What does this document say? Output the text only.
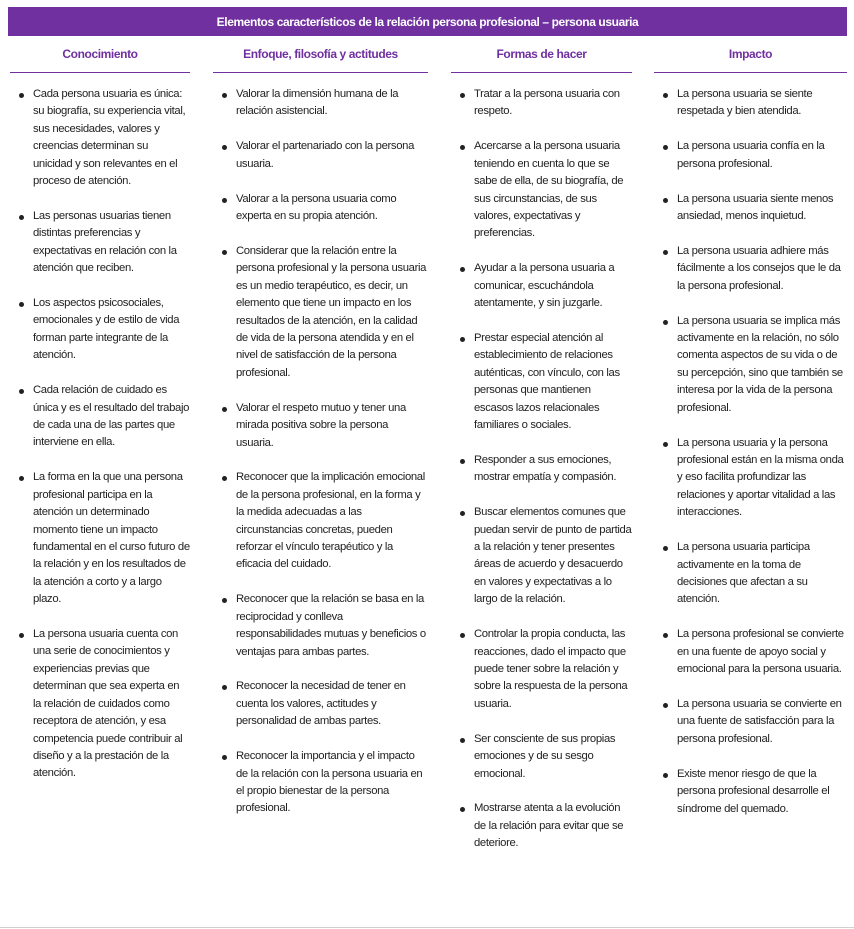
Elementos característicos de la relación persona profesional – persona usuaria
Conocimiento
Cada persona usuaria es única: su biografía, su experiencia vital, sus necesidades, valores y creencias determinan su unicidad y son relevantes en el proceso de atención.
Las personas usuarias tienen distintas preferencias y expectativas en relación con la atención que reciben.
Los aspectos psicosociales, emocionales y de estilo de vida forman parte integrante de la atención.
Cada relación de cuidado es única y es el resultado del trabajo de cada una de las partes que interviene en ella.
La forma en la que una persona profesional participa en la atención un determinado momento tiene un impacto fundamental en el curso futuro de la relación y en los resultados de la atención a corto y a largo plazo.
La persona usuaria cuenta con una serie de conocimientos y experiencias previas que determinan que sea experta en la relación de cuidados como receptora de atención, y esa competencia puede contribuir al diseño y a la prestación de la atención.
Enfoque, filosofía y actitudes
Valorar la dimensión humana de la relación asistencial.
Valorar el partenariado con la persona usuaria.
Valorar a la persona usuaria como experta en su propia atención.
Considerar que la relación entre la persona profesional y la persona usuaria es un medio terapéutico, es decir, un elemento que tiene un impacto en los resultados de la atención, en la calidad de vida de la persona atendida y en el nivel de satisfacción de la persona profesional.
Valorar el respeto mutuo y tener una mirada positiva sobre la persona usuaria.
Reconocer que la implicación emocional de la persona profesional, en la forma y la medida adecuadas a las circunstancias concretas, pueden reforzar el vínculo terapéutico y la eficacia del cuidado.
Reconocer que la relación se basa en la reciprocidad y conlleva responsabilidades mutuas y beneficios o ventajas para ambas partes.
Reconocer la necesidad de tener en cuenta los valores, actitudes y personalidad de ambas partes.
Reconocer la importancia y el impacto de la relación con la persona usuaria en el propio bienestar de la persona profesional.
Formas de hacer
Tratar a la persona usuaria con respeto.
Acercarse a la persona usuaria teniendo en cuenta lo que se sabe de ella, de su biografía, de sus circunstancias, de sus valores, expectativas y preferencias.
Ayudar a la persona usuaria a comunicar, escuchándola atentamente, y sin juzgarle.
Prestar especial atención al establecimiento de relaciones auténticas, con vínculo, con las personas que mantienen escasos lazos relacionales familiares o sociales.
Responder a sus emociones, mostrar empatía y compasión.
Buscar elementos comunes que puedan servir de punto de partida a la relación y tener presentes áreas de acuerdo y desacuerdo en valores y expectativas a lo largo de la relación.
Controlar la propia conducta, las reacciones, dado el impacto que puede tener sobre la relación y sobre la respuesta de la persona usuaria.
Ser consciente de sus propias emociones y de su sesgo emocional.
Mostrarse atenta a la evolución de la relación para evitar que se deteriore.
Impacto
La persona usuaria se siente respetada y bien atendida.
La persona usuaria confía en la persona profesional.
La persona usuaria siente menos ansiedad, menos inquietud.
La persona usuaria adhiere más fácilmente a los consejos que le da la persona profesional.
La persona usuaria se implica más activamente en la relación, no sólo comenta aspectos de su vida o de su percepción, sino que también se interesa por la vida de la persona profesional.
La persona usuaria y la persona profesional están en la misma onda y eso facilita profundizar las relaciones y aportar vitalidad a las interacciones.
La persona usuaria participa activamente en la toma de decisiones que afectan a su atención.
La persona profesional se convierte en una fuente de apoyo social y emocional para la persona usuaria.
La persona usuaria se convierte en una fuente de satisfacción para la persona profesional.
Existe menor riesgo de que la persona profesional desarrolle el síndrome del quemado.
